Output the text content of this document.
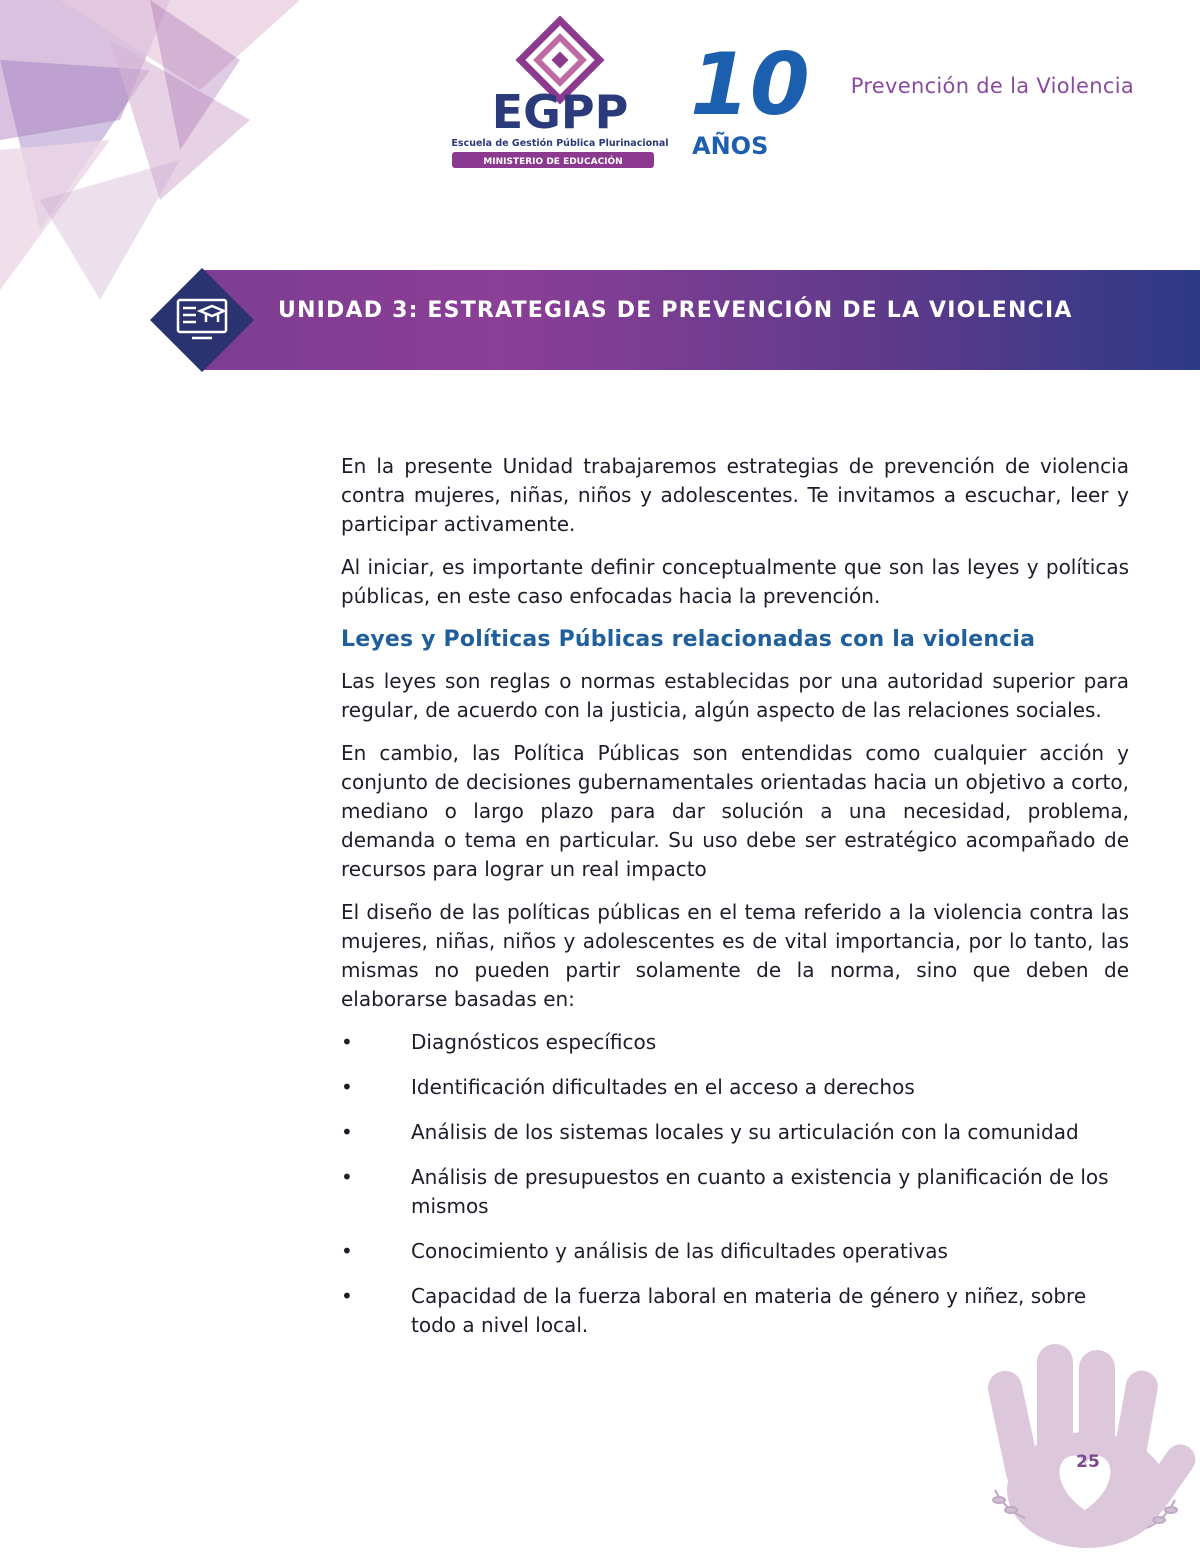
EGPP
Escuela de Gestión Pública Plurinacional
MINISTERIO DE EDUCACIÓN
10
AÑOS
Prevención de la Violencia
UNIDAD 3: ESTRATEGIAS DE PREVENCIÓN DE LA VIOLENCIA

En la presente Unidad trabajaremos estrategias de prevención de violencia contra mujeres, niñas, niños y adolescentes. Te invitamos a escuchar, leer y participar activamente.

Al iniciar, es importante definir conceptualmente que son las leyes y políticas públicas, en este caso enfocadas hacia la prevención.

Leyes y Políticas Públicas relacionadas con la violencia

Las leyes son reglas o normas establecidas por una autoridad superior para regular, de acuerdo con la justicia, algún aspecto de las relaciones sociales.

En cambio, las Política Públicas son entendidas como cualquier acción y conjunto de decisiones gubernamentales orientadas hacia un objetivo a corto, mediano o largo plazo para dar solución a una necesidad, problema, demanda o tema en particular. Su uso debe ser estratégico acompañado de recursos para lograr un real impacto

El diseño de las políticas públicas en el tema referido a la violencia contra las mujeres, niñas, niños y adolescentes es de vital importancia, por lo tanto, las mismas no pueden partir solamente de la norma, sino que deben de elaborarse basadas en:

•	Diagnósticos específicos
•	Identificación dificultades en el acceso a derechos
•	Análisis de los sistemas locales y su articulación con la comunidad
•	Análisis de presupuestos en cuanto a existencia y planificación de los mismos
•	Conocimiento y análisis de las dificultades operativas
•	Capacidad de la fuerza laboral en materia de género y niñez, sobre todo a nivel local.
25
